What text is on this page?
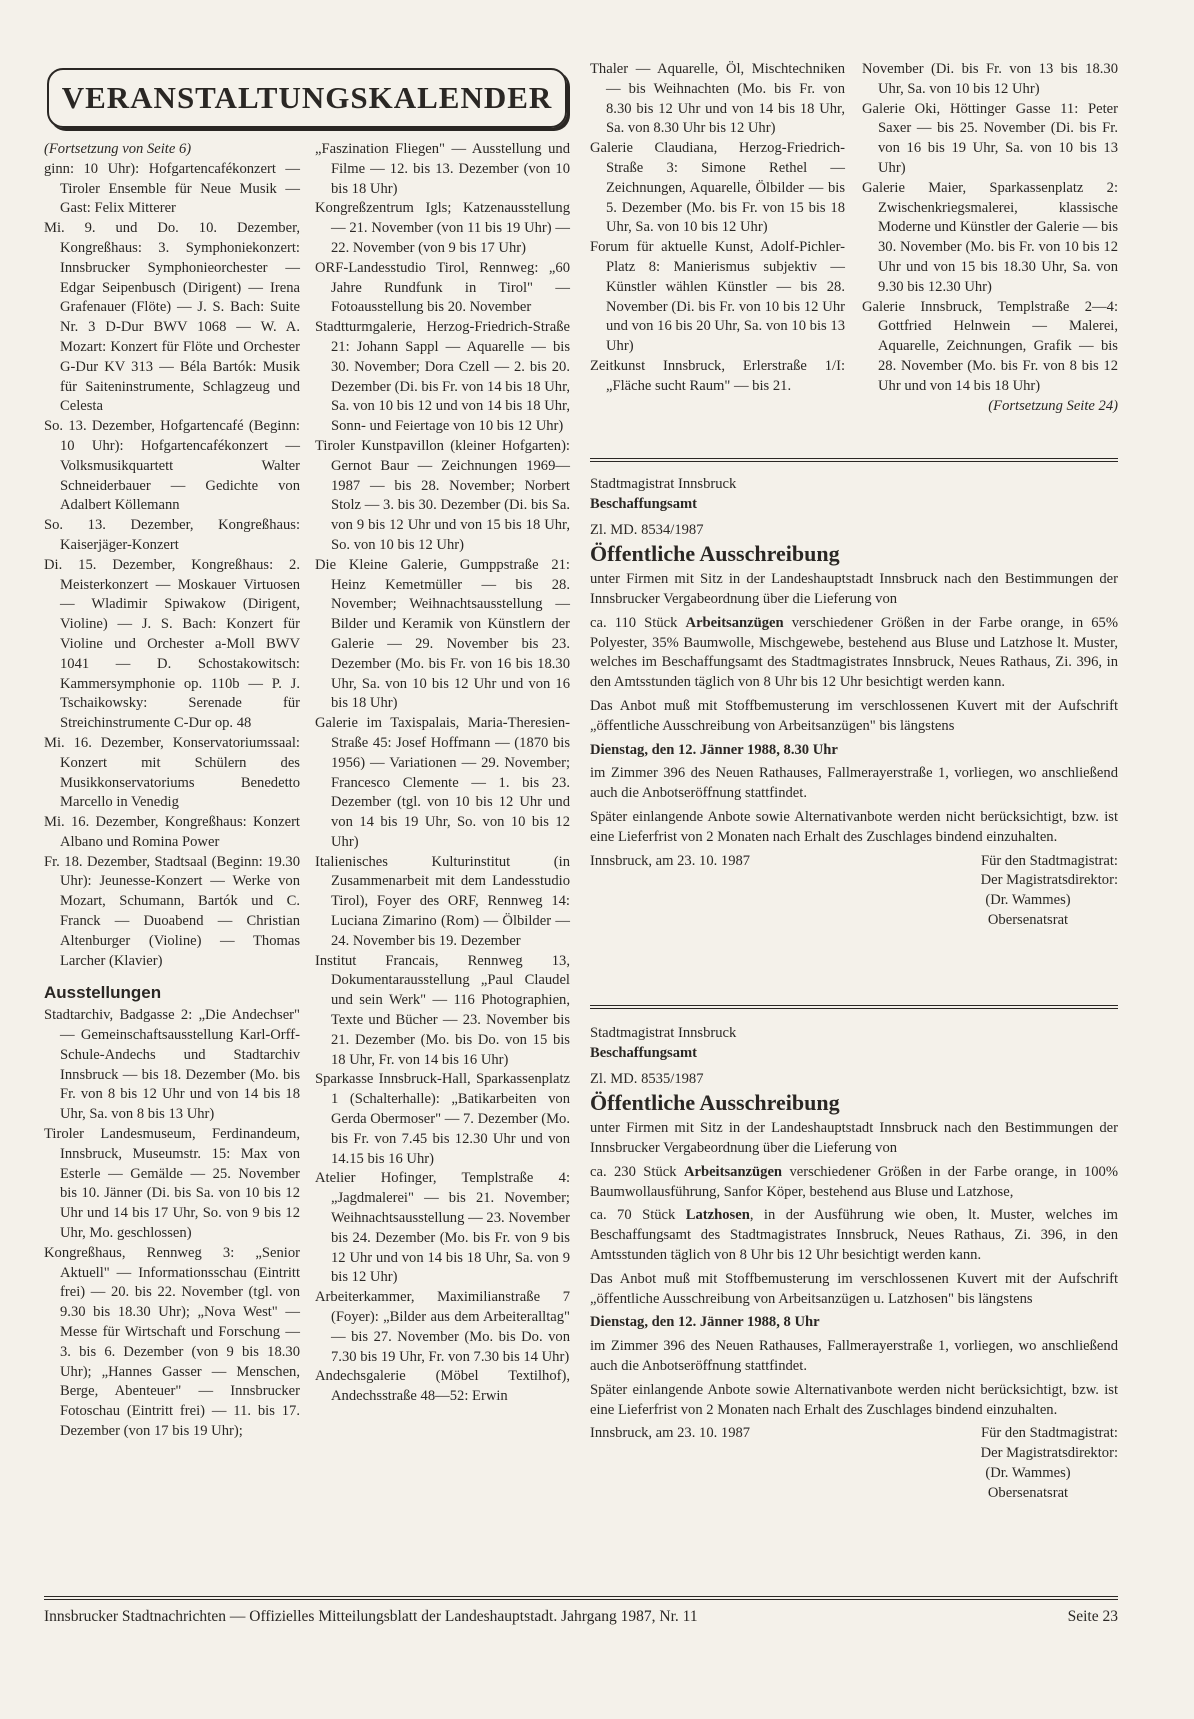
VERANSTALTUNGSKALENDER

(Fortsetzung von Seite 6)

ginn: 10 Uhr): Hofgartencafékonzert — Tiroler Ensemble für Neue Musik — Gast: Felix Mitterer

Mi. 9. und Do. 10. Dezember, Kongreßhaus: 3. Symphoniekonzert: Innsbrucker Symphonieorchester — Edgar Seipenbusch (Dirigent) — Irena Grafenauer (Flöte) — J. S. Bach: Suite Nr. 3 D-Dur BWV 1068 — W. A. Mozart: Konzert für Flöte und Orchester G-Dur KV 313 — Béla Bartók: Musik für Saiteninstrumente, Schlagzeug und Celesta

So. 13. Dezember, Hofgartencafé (Beginn: 10 Uhr): Hofgartencafékonzert — Volksmusikquartett Walter Schneiderbauer — Gedichte von Adalbert Köllemann

So. 13. Dezember, Kongreßhaus: Kaiserjäger-Konzert

Di. 15. Dezember, Kongreßhaus: 2. Meisterkonzert — Moskauer Virtuosen — Wladimir Spiwakow (Dirigent, Violine) — J. S. Bach: Konzert für Violine und Orchester a-Moll BWV 1041 — D. Schostakowitsch: Kammersymphonie op. 110b — P. J. Tschaikowsky: Serenade für Streichinstrumente C-Dur op. 48

Mi. 16. Dezember, Konservatoriumssaal: Konzert mit Schülern des Musikkonservatoriums Benedetto Marcello in Venedig

Mi. 16. Dezember, Kongreßhaus: Konzert Albano und Romina Power

Fr. 18. Dezember, Stadtsaal (Beginn: 19.30 Uhr): Jeunesse-Konzert — Werke von Mozart, Schumann, Bartók und C. Franck — Duoabend — Christian Altenburger (Violine) — Thomas Larcher (Klavier)

Ausstellungen

Stadtarchiv, Badgasse 2: „Die Andechser" — Gemeinschaftsausstellung Karl-Orff-Schule-Andechs und Stadtarchiv Innsbruck — bis 18. Dezember (Mo. bis Fr. von 8 bis 12 Uhr und von 14 bis 18 Uhr, Sa. von 8 bis 13 Uhr)

Tiroler Landesmuseum, Ferdinandeum, Innsbruck, Museumstr. 15: Max von Esterle — Gemälde — 25. November bis 10. Jänner (Di. bis Sa. von 10 bis 12 Uhr und 14 bis 17 Uhr, So. von 9 bis 12 Uhr, Mo. geschlossen)

Kongreßhaus, Rennweg 3: „Senior Aktuell" — Informationsschau (Eintritt frei) — 20. bis 22. November (tgl. von 9.30 bis 18.30 Uhr); „Nova West" — Messe für Wirtschaft und Forschung — 3. bis 6. Dezember (von 9 bis 18.30 Uhr); „Hannes Gasser — Menschen, Berge, Abenteuer" — Innsbrucker Fotoschau (Eintritt frei) — 11. bis 17. Dezember (von 17 bis 19 Uhr);

„Faszination Fliegen" — Ausstellung und Filme — 12. bis 13. Dezember (von 10 bis 18 Uhr)

Kongreßzentrum Igls; Katzenausstellung — 21. November (von 11 bis 19 Uhr) — 22. November (von 9 bis 17 Uhr)

ORF-Landesstudio Tirol, Rennweg: „60 Jahre Rundfunk in Tirol" — Fotoausstellung bis 20. November

Stadtturmgalerie, Herzog-Friedrich-Straße 21: Johann Sappl — Aquarelle — bis 30. November; Dora Czell — 2. bis 20. Dezember (Di. bis Fr. von 14 bis 18 Uhr, Sa. von 10 bis 12 und von 14 bis 18 Uhr, Sonn- und Feiertage von 10 bis 12 Uhr)

Tiroler Kunstpavillon (kleiner Hofgarten): Gernot Baur — Zeichnungen 1969—1987 — bis 28. November; Norbert Stolz — 3. bis 30. Dezember (Di. bis Sa. von 9 bis 12 Uhr und von 15 bis 18 Uhr, So. von 10 bis 12 Uhr)

Die Kleine Galerie, Gumppstraße 21: Heinz Kemetmüller — bis 28. November; Weihnachtsausstellung — Bilder und Keramik von Künstlern der Galerie — 29. November bis 23. Dezember (Mo. bis Fr. von 16 bis 18.30 Uhr, Sa. von 10 bis 12 Uhr und von 16 bis 18 Uhr)

Galerie im Taxispalais, Maria-Theresien-Straße 45: Josef Hoffmann — (1870 bis 1956) — Variationen — 29. November; Francesco Clemente — 1. bis 23. Dezember (tgl. von 10 bis 12 Uhr und von 14 bis 19 Uhr, So. von 10 bis 12 Uhr)

Italienisches Kulturinstitut (in Zusammenarbeit mit dem Landesstudio Tirol), Foyer des ORF, Rennweg 14: Luciana Zimarino (Rom) — Ölbilder — 24. November bis 19. Dezember

Institut Francais, Rennweg 13, Dokumentarausstellung „Paul Claudel und sein Werk" — 116 Photographien, Texte und Bücher — 23. November bis 21. Dezember (Mo. bis Do. von 15 bis 18 Uhr, Fr. von 14 bis 16 Uhr)

Sparkasse Innsbruck-Hall, Sparkassenplatz 1 (Schalterhalle): „Batikarbeiten von Gerda Obermoser" — 7. Dezember (Mo. bis Fr. von 7.45 bis 12.30 Uhr und von 14.15 bis 16 Uhr)

Atelier Hofinger, Templstraße 4: „Jagdmalerei" — bis 21. November; Weihnachtsausstellung — 23. November bis 24. Dezember (Mo. bis Fr. von 9 bis 12 Uhr und von 14 bis 18 Uhr, Sa. von 9 bis 12 Uhr)

Arbeiterkammer, Maximilianstraße 7 (Foyer): „Bilder aus dem Arbeiteralltag" — bis 27. November (Mo. bis Do. von 7.30 bis 19 Uhr, Fr. von 7.30 bis 14 Uhr)

Andechsgalerie (Möbel Textilhof), Andechsstraße 48—52: Erwin

Thaler — Aquarelle, Öl, Mischtechniken — bis Weihnachten (Mo. bis Fr. von 8.30 bis 12 Uhr und von 14 bis 18 Uhr, Sa. von 8.30 Uhr bis 12 Uhr)

Galerie Claudiana, Herzog-Friedrich-Straße 3: Simone Rethel — Zeichnungen, Aquarelle, Ölbilder — bis 5. Dezember (Mo. bis Fr. von 15 bis 18 Uhr, Sa. von 10 bis 12 Uhr)

Forum für aktuelle Kunst, Adolf-Pichler-Platz 8: Manierismus subjektiv — Künstler wählen Künstler — bis 28. November (Di. bis Fr. von 10 bis 12 Uhr und von 16 bis 20 Uhr, Sa. von 10 bis 13 Uhr)

Zeitkunst Innsbruck, Erlerstraße 1/I: „Fläche sucht Raum" — bis 21.

November (Di. bis Fr. von 13 bis 18.30 Uhr, Sa. von 10 bis 12 Uhr)

Galerie Oki, Höttinger Gasse 11: Peter Saxer — bis 25. November (Di. bis Fr. von 16 bis 19 Uhr, Sa. von 10 bis 13 Uhr)

Galerie Maier, Sparkassenplatz 2: Zwischenkriegsmalerei, klassische Moderne und Künstler der Galerie — bis 30. November (Mo. bis Fr. von 10 bis 12 Uhr und von 15 bis 18.30 Uhr, Sa. von 9.30 bis 12.30 Uhr)

Galerie Innsbruck, Templstraße 2—4: Gottfried Helnwein — Malerei, Aquarelle, Zeichnungen, Grafik — bis 28. November (Mo. bis Fr. von 8 bis 12 Uhr und von 14 bis 18 Uhr)

(Fortsetzung Seite 24)

Stadtmagistrat Innsbruck

Beschaffungsamt

Zl. MD. 8534/1987

Öffentliche Ausschreibung

unter Firmen mit Sitz in der Landeshauptstadt Innsbruck nach den Bestimmungen der Innsbrucker Vergabeordnung über die Lieferung von

ca. 110 Stück Arbeitsanzügen verschiedener Größen in der Farbe orange, in 65% Polyester, 35% Baumwolle, Mischgewebe, bestehend aus Bluse und Latzhose lt. Muster, welches im Beschaffungsamt des Stadtmagistrates Innsbruck, Neues Rathaus, Zi. 396, in den Amtsstunden täglich von 8 Uhr bis 12 Uhr besichtigt werden kann.

Das Anbot muß mit Stoffbemusterung im verschlossenen Kuvert mit der Aufschrift „öffentliche Ausschreibung von Arbeitsanzügen" bis längstens

Dienstag, den 12. Jänner 1988, 8.30 Uhr

im Zimmer 396 des Neuen Rathauses, Fallmerayerstraße 1, vorliegen, wo anschließend auch die Anbotseröffnung stattfindet.

Später einlangende Anbote sowie Alternativanbote werden nicht berücksichtigt, bzw. ist eine Lieferfrist von 2 Monaten nach Erhalt des Zuschlages bindend einzuhalten.

Innsbruck, am 23. 10. 1987	Für den Stadtmagistrat:
Der Magistratsdirektor:
(Dr. Wammes)
Obersenatsrat

Stadtmagistrat Innsbruck

Beschaffungsamt

Zl. MD. 8535/1987

Öffentliche Ausschreibung

unter Firmen mit Sitz in der Landeshauptstadt Innsbruck nach den Bestimmungen der Innsbrucker Vergabeordnung über die Lieferung von

ca. 230 Stück Arbeitsanzügen verschiedener Größen in der Farbe orange, in 100% Baumwollausführung, Sanfor Köper, bestehend aus Bluse und Latzhose,

ca. 70 Stück Latzhosen, in der Ausführung wie oben, lt. Muster, welches im Beschaffungsamt des Stadtmagistrates Innsbruck, Neues Rathaus, Zi. 396, in den Amtsstunden täglich von 8 Uhr bis 12 Uhr besichtigt werden kann.

Das Anbot muß mit Stoffbemusterung im verschlossenen Kuvert mit der Aufschrift „öffentliche Ausschreibung von Arbeitsanzügen u. Latzhosen" bis längstens

Dienstag, den 12. Jänner 1988, 8 Uhr

im Zimmer 396 des Neuen Rathauses, Fallmerayerstraße 1, vorliegen, wo anschließend auch die Anbotseröffnung stattfindet.

Später einlangende Anbote sowie Alternativanbote werden nicht berücksichtigt, bzw. ist eine Lieferfrist von 2 Monaten nach Erhalt des Zuschlages bindend einzuhalten.

Innsbruck, am 23. 10. 1987	Für den Stadtmagistrat:
Der Magistratsdirektor:
(Dr. Wammes)
Obersenatsrat
Innsbrucker Stadtnachrichten — Offizielles Mitteilungsblatt der Landeshauptstadt. Jahrgang 1987, Nr. 11	Seite 23
